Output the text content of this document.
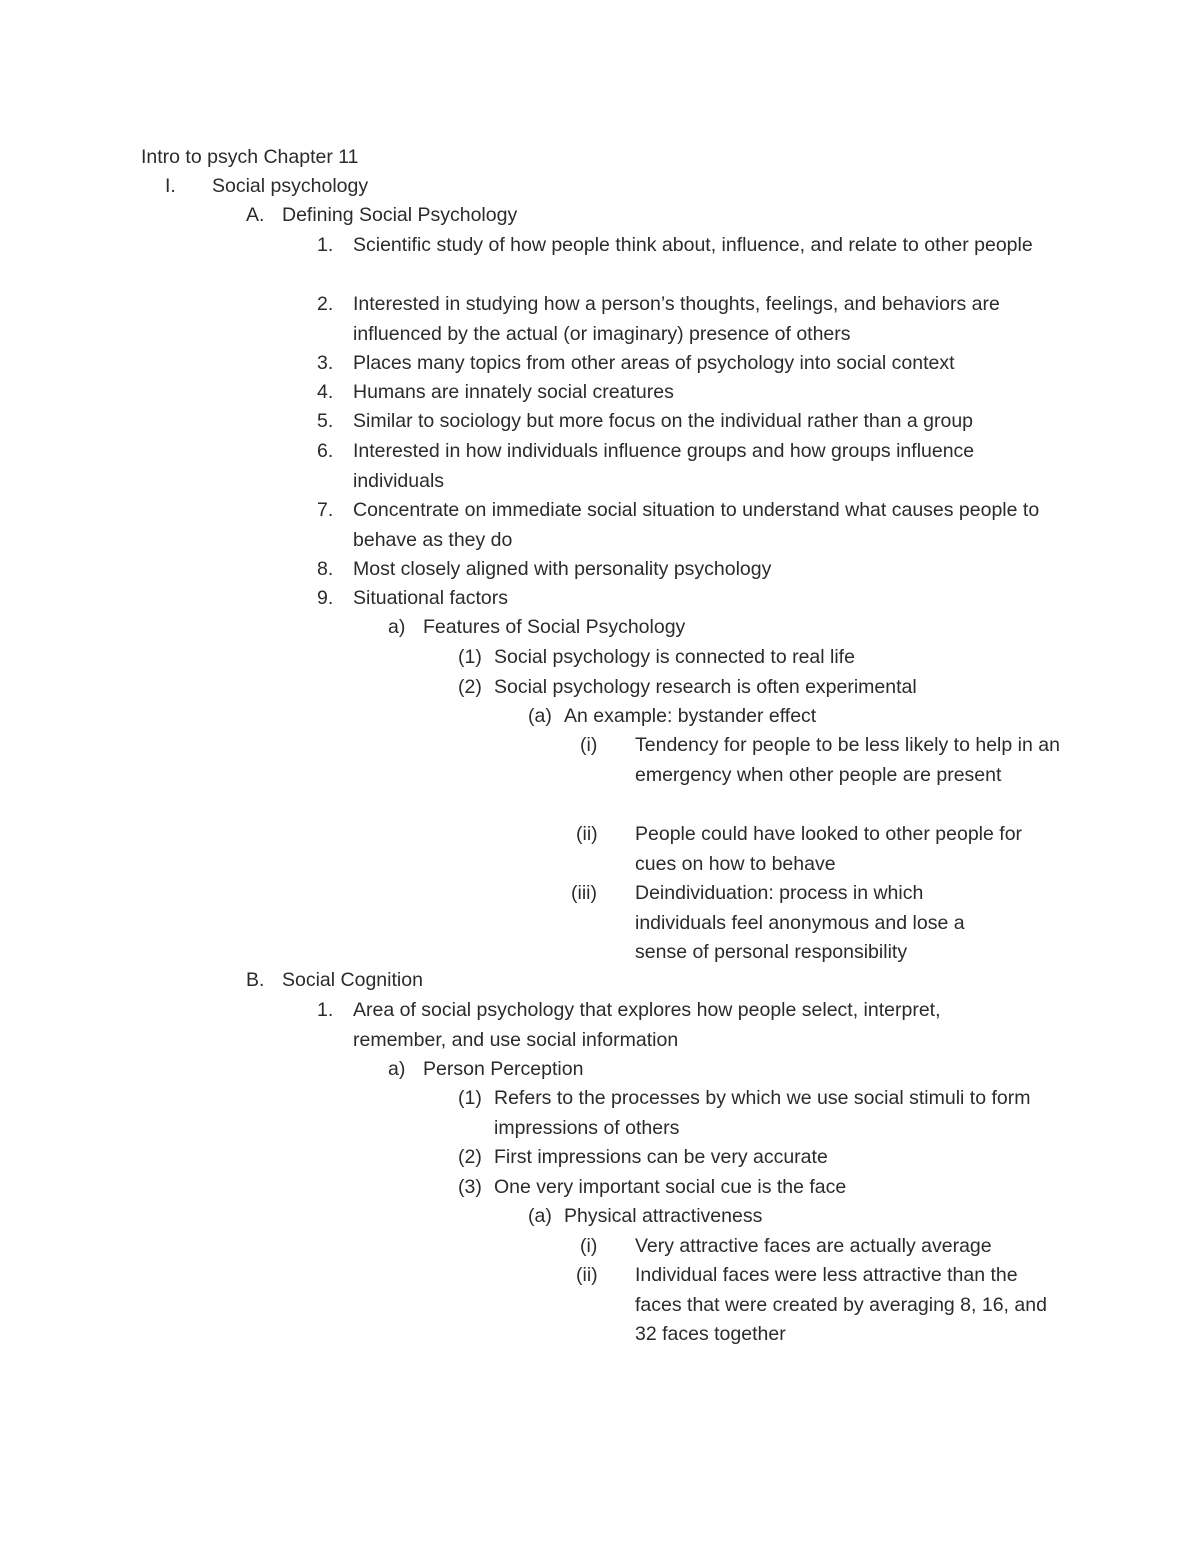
Intro to psych Chapter 11
I. Social psychology
A. Defining Social Psychology
1. Scientific study of how people think about, influence, and relate to other people
2. Interested in studying how a person’s thoughts, feelings, and behaviors are influenced by the actual (or imaginary) presence of others
3. Places many topics from other areas of psychology into social context
4. Humans are innately social creatures
5. Similar to sociology but more focus on the individual rather than a group
6. Interested in how individuals influence groups and how groups influence individuals
7. Concentrate on immediate social situation to understand what causes people to behave as they do
8. Most closely aligned with personality psychology
9. Situational factors
a) Features of Social Psychology
(1) Social psychology is connected to real life
(2) Social psychology research is often experimental
(a) An example: bystander effect
(i) Tendency for people to be less likely to help in an emergency when other people are present
(ii) People could have looked to other people for cues on how to behave
(iii) Deindividuation: process in which individuals feel anonymous and lose a sense of personal responsibility
B. Social Cognition
1. Area of social psychology that explores how people select, interpret, remember, and use social information
a) Person Perception
(1) Refers to the processes by which we use social stimuli to form impressions of others
(2) First impressions can be very accurate
(3) One very important social cue is the face
(a) Physical attractiveness
(i) Very attractive faces are actually average
(ii) Individual faces were less attractive than the faces that were created by averaging 8, 16, and 32 faces together
